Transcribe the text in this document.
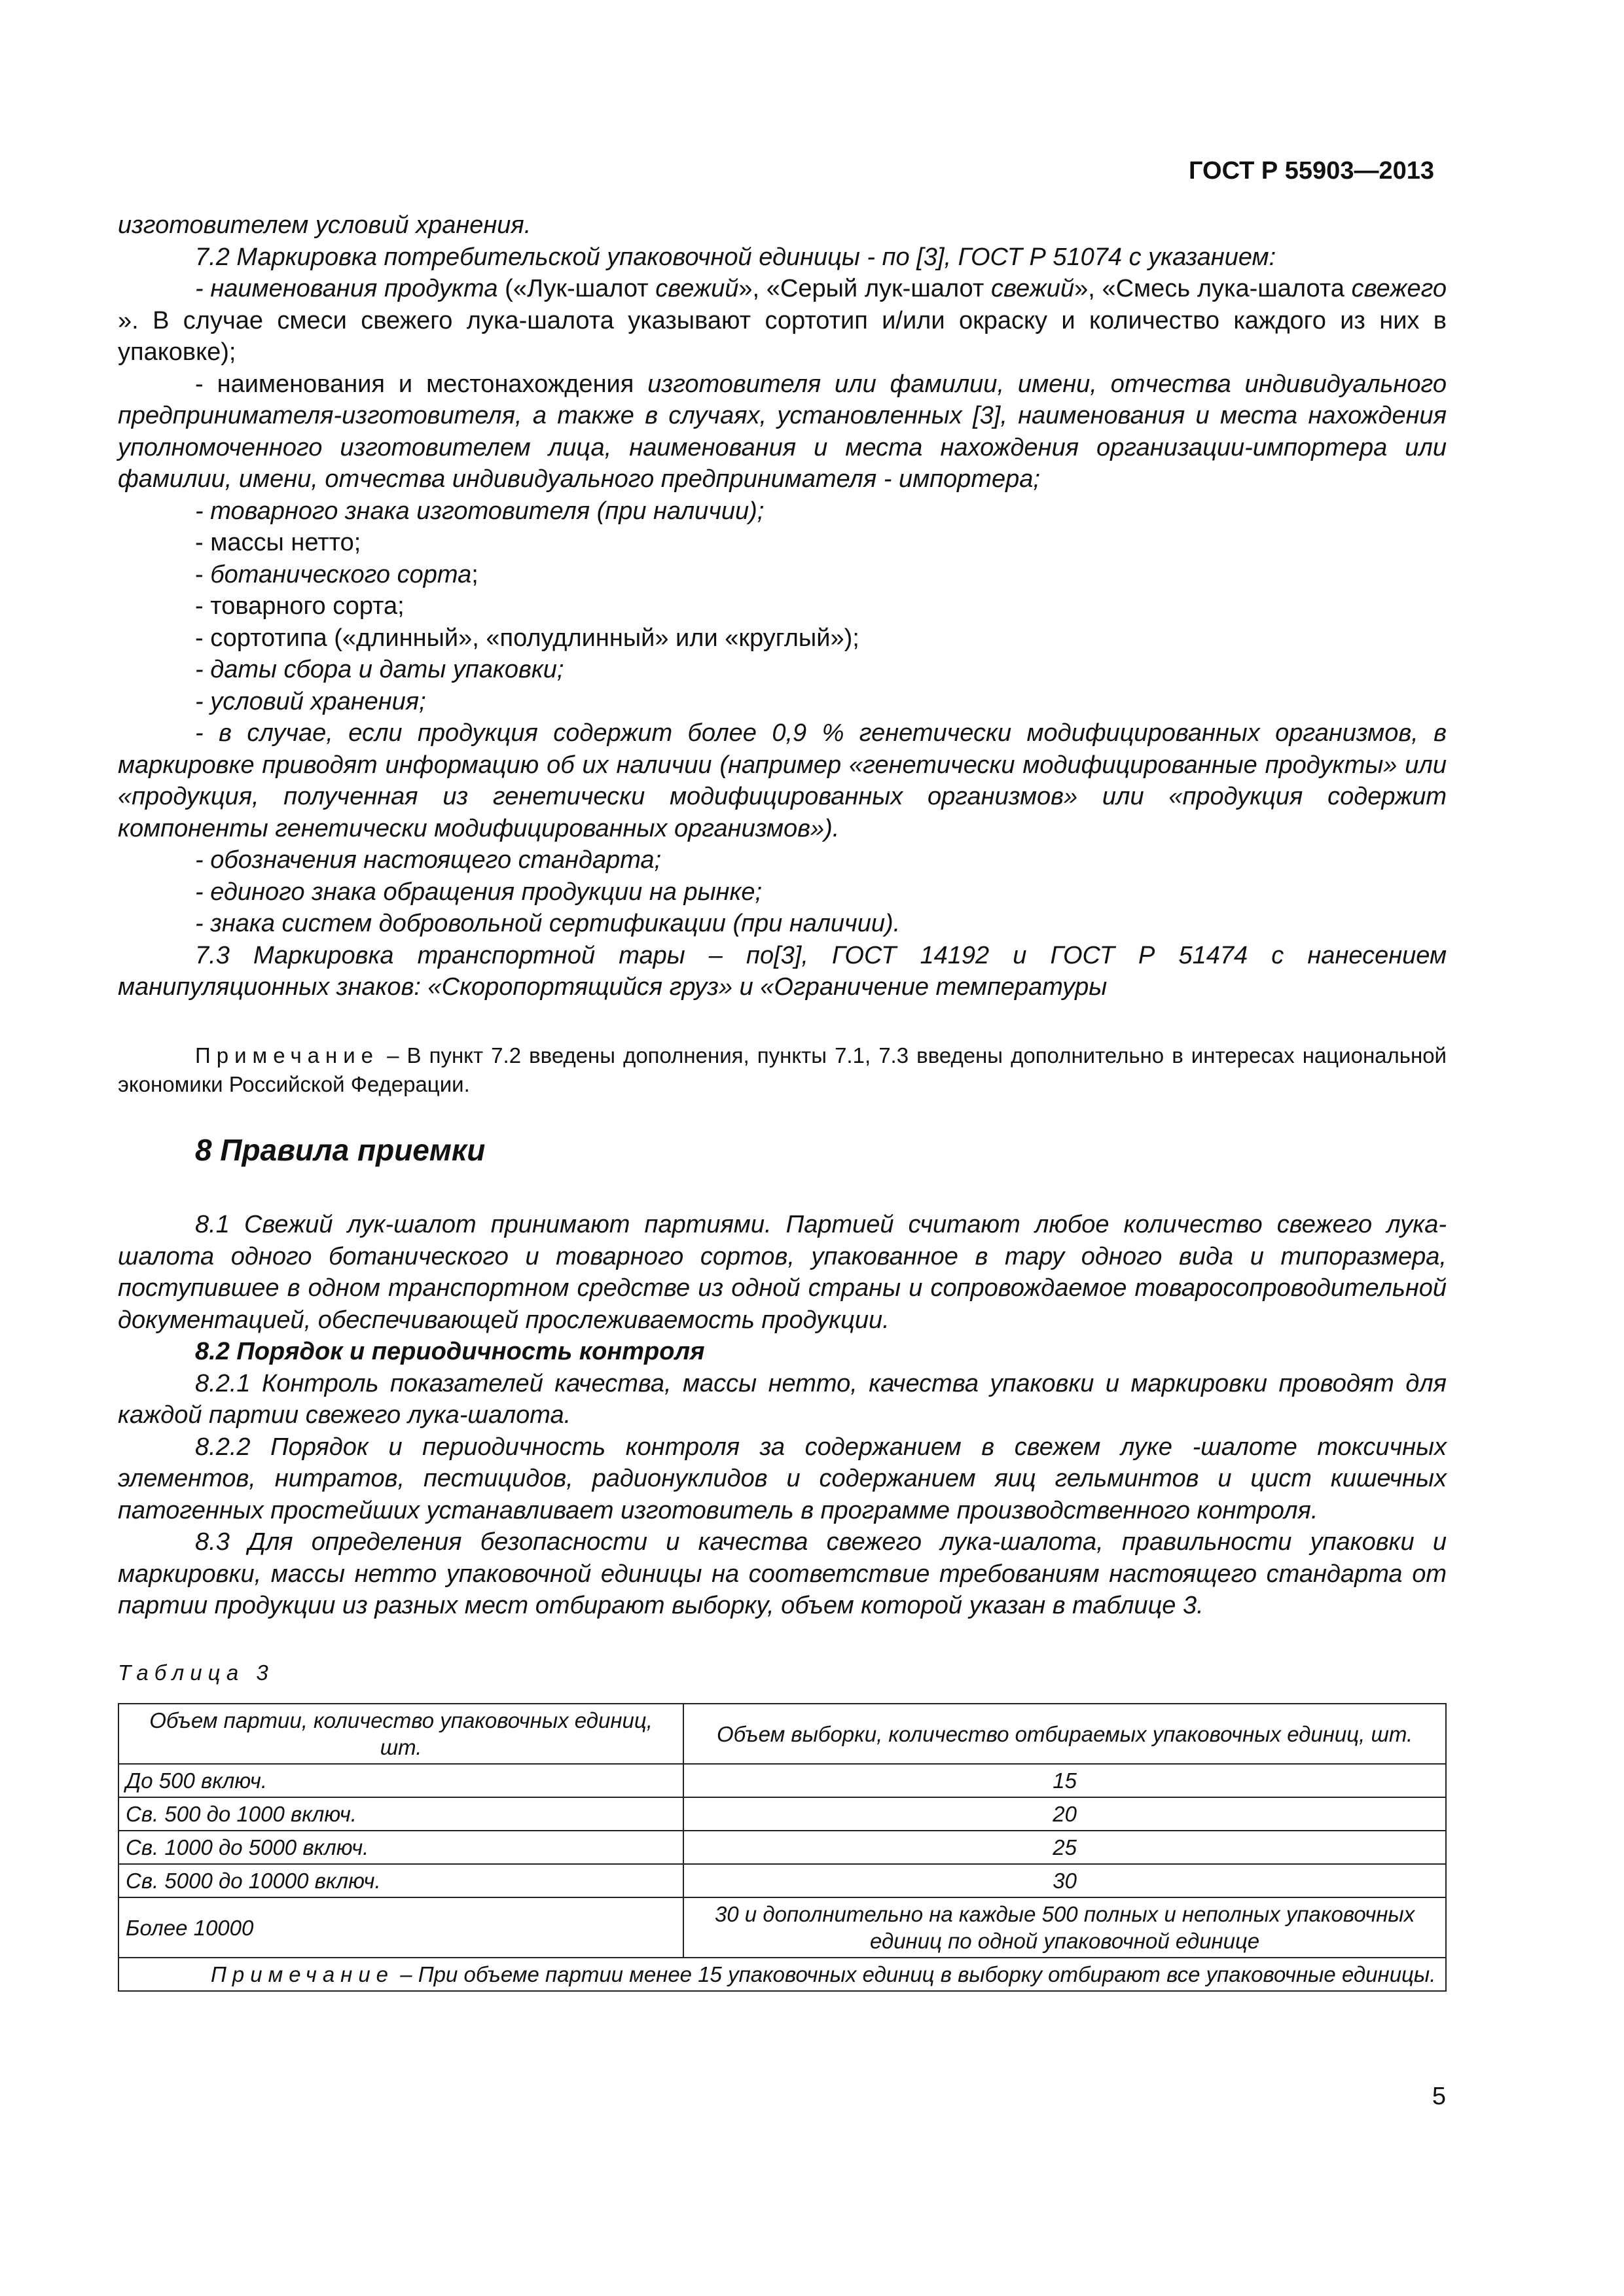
ГОСТ Р 55903—2013

изготовителем условий хранения.

7.2 Маркировка потребительской упаковочной единицы - по [3], ГОСТ Р 51074 с указанием:

- наименования продукта («Лук-шалот свежий», «Серый лук-шалот свежий», «Смесь лука-шалота свежего ». В случае смеси свежего лука-шалота указывают сортотип и/или окраску и количество каждого из них в упаковке);

- наименования и местонахождения изготовителя или фамилии, имени, отчества индивидуального предпринимателя-изготовителя, а также в случаях, установленных [3], наименования и места нахождения уполномоченного изготовителем лица, наименования и места нахождения организации-импортера или фамилии, имени, отчества индивидуального предпринимателя - импортера;

- товарного знака изготовителя (при наличии);

- массы нетто;

- ботанического сорта;

- товарного сорта;

- сортотипа («длинный», «полудлинный» или «круглый»);

- даты сбора и даты упаковки;

- условий хранения;

- в случае, если продукция содержит более 0,9 % генетически модифицированных организмов, в маркировке приводят информацию об их наличии (например «генетически модифицированные продукты» или «продукция, полученная из генетически модифицированных организмов» или «продукция содержит компоненты генетически модифицированных организмов»).

- обозначения настоящего стандарта;

- единого знака обращения продукции на рынке;

- знака систем добровольной сертификации (при наличии).

7.3 Маркировка транспортной тары – по[3], ГОСТ 14192 и ГОСТ Р 51474 с нанесением манипуляционных знаков: «Скоропортящийся груз» и «Ограничение температуры

Примечание – В пункт 7.2 введены дополнения, пункты 7.1, 7.3 введены дополнительно в интересах национальной экономики Российской Федерации.

8 Правила приемки

8.1 Свежий лук-шалот принимают партиями. Партией считают любое количество свежего лука-шалота одного ботанического и товарного сортов, упакованное в тару одного вида и типоразмера, поступившее в одном транспортном средстве из одной страны и сопровождаемое товаросопроводительной документацией, обеспечивающей прослеживаемость продукции.

8.2 Порядок и периодичность контроля

8.2.1 Контроль показателей качества, массы нетто, качества упаковки и маркировки проводят для каждой партии свежего лука-шалота.

8.2.2 Порядок и периодичность контроля за содержанием в свежем луке -шалоте токсичных элементов, нитратов, пестицидов, радионуклидов и содержанием яиц гельминтов и цист кишечных патогенных простейших устанавливает изготовитель в программе производственного контроля.

8.3 Для определения безопасности и качества свежего лука-шалота, правильности упаковки и маркировки, массы нетто упаковочной единицы на соответствие требованиям настоящего стандарта от партии продукции из разных мест отбирают выборку, объем которой указан в таблице 3.

Таблица 3
Объем партии, количество упаковочных единиц, шт.	Объем выборки, количество отбираемых упаковочных единиц, шт.
До 500 включ.	15
Св. 500 до 1000 включ.	20
Св. 1000 до 5000 включ.	25
Св. 5000 до 10000 включ.	30
Более 10000	30 и дополнительно на каждые 500 полных и неполных упаковочных единиц по одной упаковочной единице
Примечание – При объеме партии менее 15 упаковочных единиц в выборку отбирают все упаковочные единицы.	
5
